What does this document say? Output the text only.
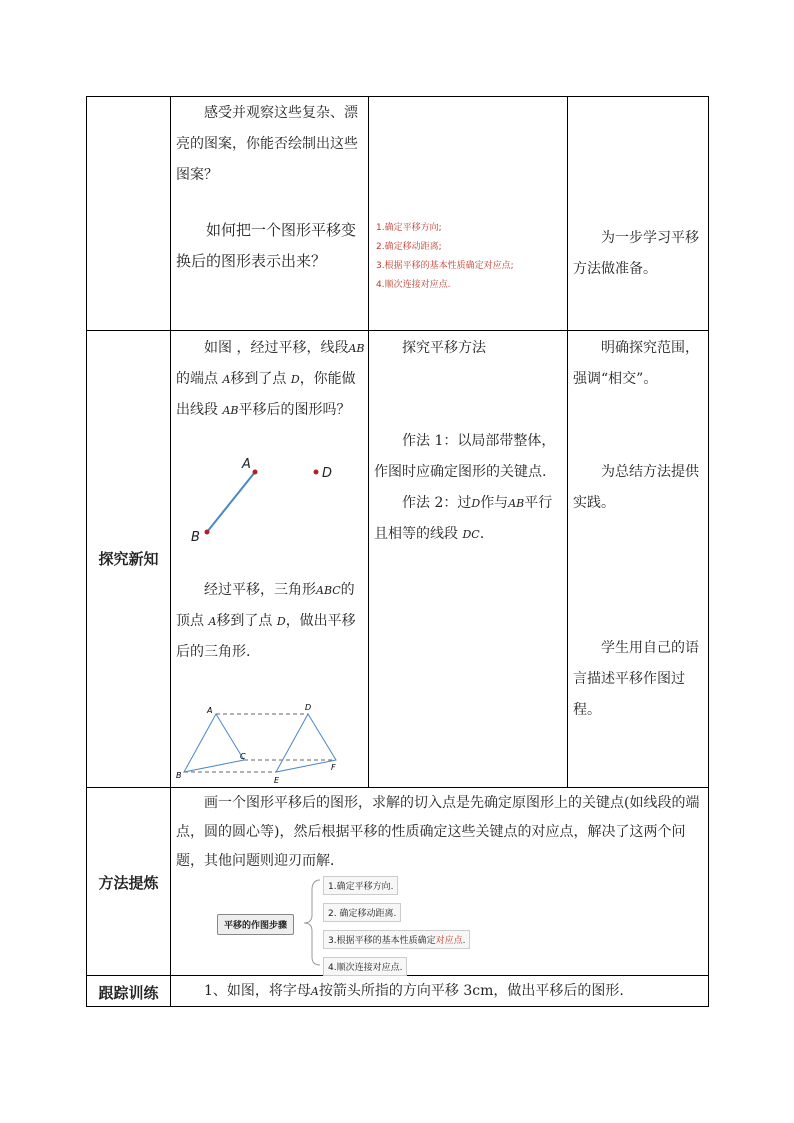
感受并观察这些复杂、漂亮的图案，你能否绘制出这些图案？

如何把一个图形平移变换后的图形表示出来？

1.确定平移方向;
2.确定移动距离;
3.根据平移的基本性质确定对应点;
4.顺次连接对应点.

为一步学习平移方法做准备。

探究新知

如图 ，经过平移，线段AB的端点 A移到了点 D，你能做出线段 AB平移后的图形吗？

A
B
D

经过平移，三角形ABC的顶点 A移到了点 D，做出平移后的三角形.

A
B
C
D
E
F

探究平移方法

作法 1：以局部带整体，作图时应确定图形的关键点.

作法 2：过D作与AB平行且相等的线段 DC.

明确探究范围，强调“相交”。

为总结方法提供实践。

学生用自己的语言描述平移作图过程。

方法提炼

画一个图形平移后的图形，求解的切入点是先确定原图形上的关键点(如线段的端点，圆的圆心等)，然后根据平移的性质确定这些关键点的对应点，解决了这两个问题，其他问题则迎刃而解．

平移的作图步骤
1.确定平移方向.
2. 确定移动距离.
3.根据平移的基本性质确定对应点.
4.顺次连接对应点.
跟踪训练	1、如图，将字母A按箭头所指的方向平移 3cm，做出平移后的图形.
